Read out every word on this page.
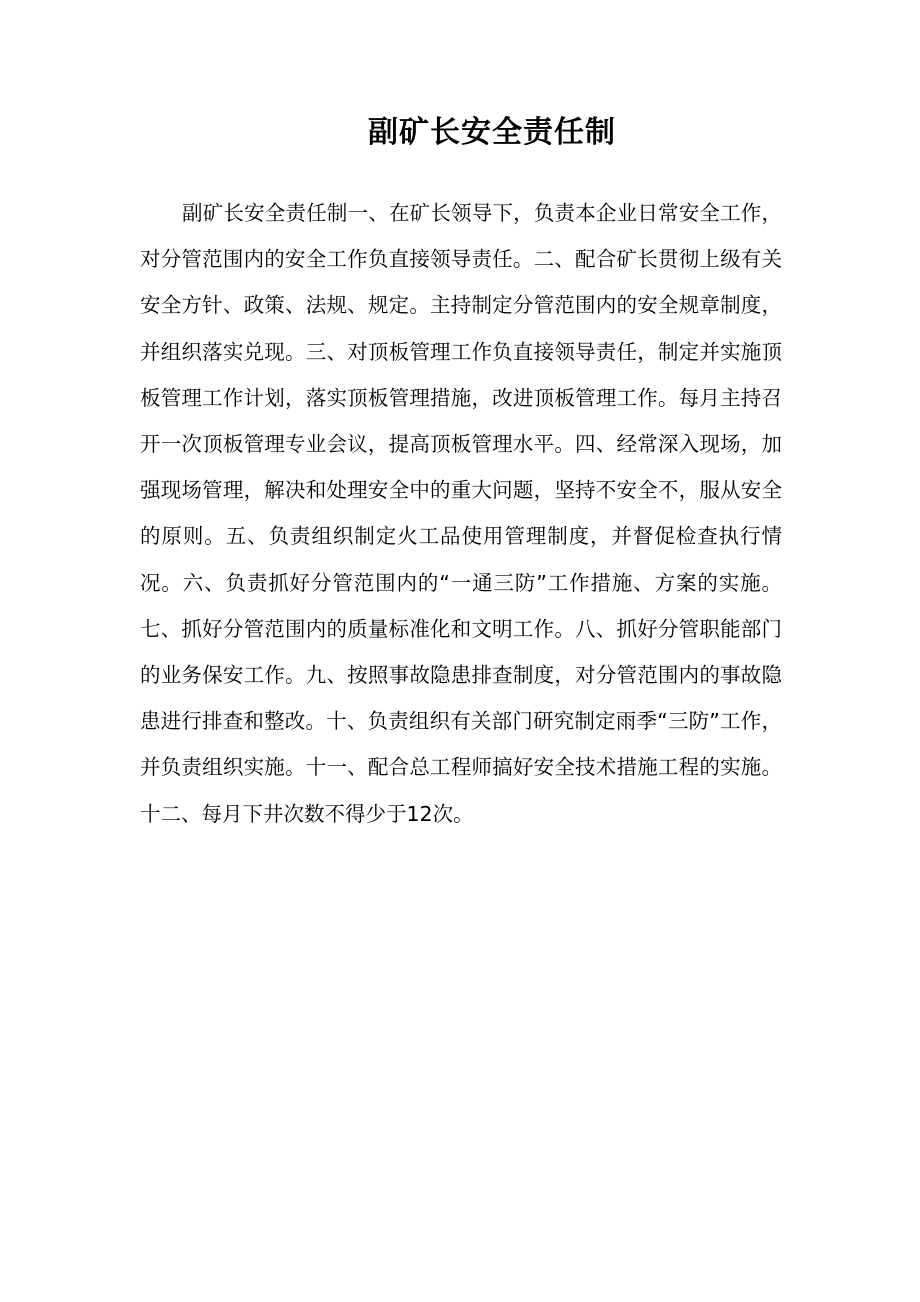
副矿长安全责任制

副矿长安全责任制一、在矿长领导下，负责本企业日常安全工作，对分管范围内的安全工作负直接领导责任。二、配合矿长贯彻上级有关安全方针、政策、法规、规定。主持制定分管范围内的安全规章制度，并组织落实兑现。三、对顶板管理工作负直接领导责任，制定并实施顶板管理工作计划，落实顶板管理措施，改进顶板管理工作。每月主持召开一次顶板管理专业会议，提高顶板管理水平。四、经常深入现场，加强现场管理，解决和处理安全中的重大问题，坚持不安全不，服从安全的原则。五、负责组织制定火工品使用管理制度，并督促检查执行情况。六、负责抓好分管范围内的“一通三防”工作措施、方案的实施。七、抓好分管范围内的质量标准化和文明工作。八、抓好分管职能部门的业务保安工作。九、按照事故隐患排查制度，对分管范围内的事故隐患进行排查和整改。十、负责组织有关部门研究制定雨季“三防”工作，并负责组织实施。十一、配合总工程师搞好安全技术措施工程的实施。十二、每月下井次数不得少于12次。
